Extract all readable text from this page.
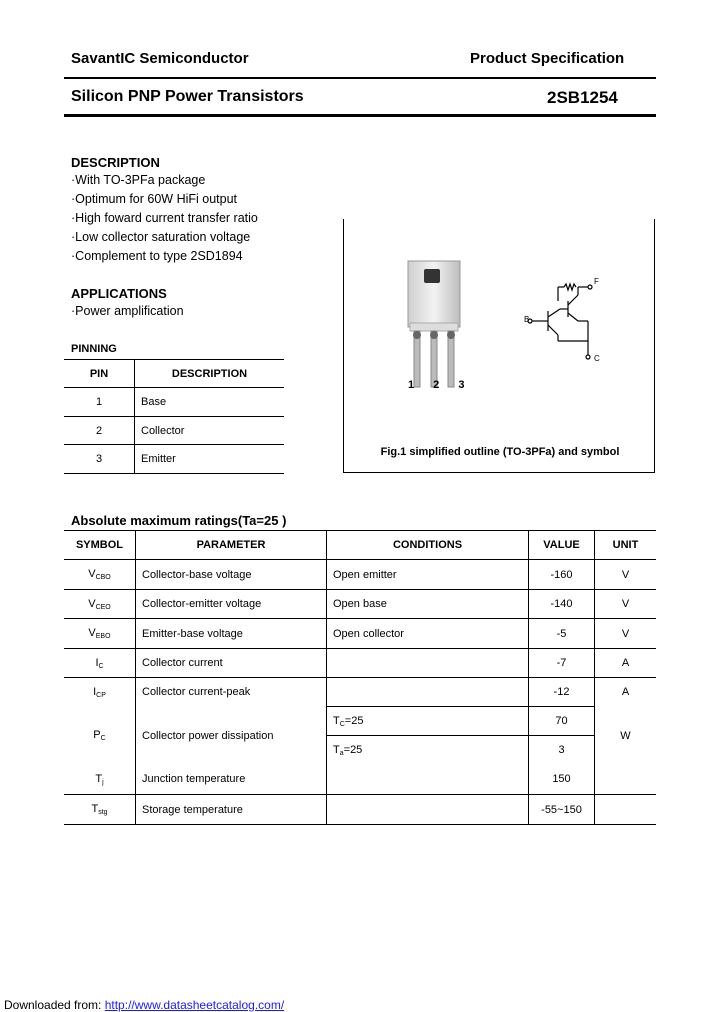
SavantIC Semiconductor	Product Specification
Silicon PNP Power Transistors	2SB1254
DESCRIPTION
·With TO-3PFa package
·Optimum for 60W HiFi output
·High foward current transfer ratio
·Low collector saturation voltage
·Complement to type 2SD1894
APPLICATIONS
·Power amplification
PINNING
PIN	DESCRIPTION
1	Base
2	Collector
3	Emitter
1 2 3
B
F
C
Fig.1 simplified outline (TO-3PFa) and symbol
Absolute maximum ratings(Ta=25 )
SYMBOL	PARAMETER	CONDITIONS	VALUE	UNIT
$V_{CBO}$	Collector-base voltage	Open emitter	-160	V
$V_{CEO}$	Collector-emitter voltage	Open base	-140	V
$V_{EBO}$	Emitter-base voltage	Open collector	-5	V
$I_C$	Collector current		-7	A
$I_{CP}$	Collector current-peak		-12	A
$P_C$	Collector power dissipation	$T_C=25$	70	W
		$T_a=25$	3	
$T_j$	Junction temperature		150	
$T_{stg}$	Storage temperature		-55~150	
Downloaded from: http://www.datasheetcatalog.com/
